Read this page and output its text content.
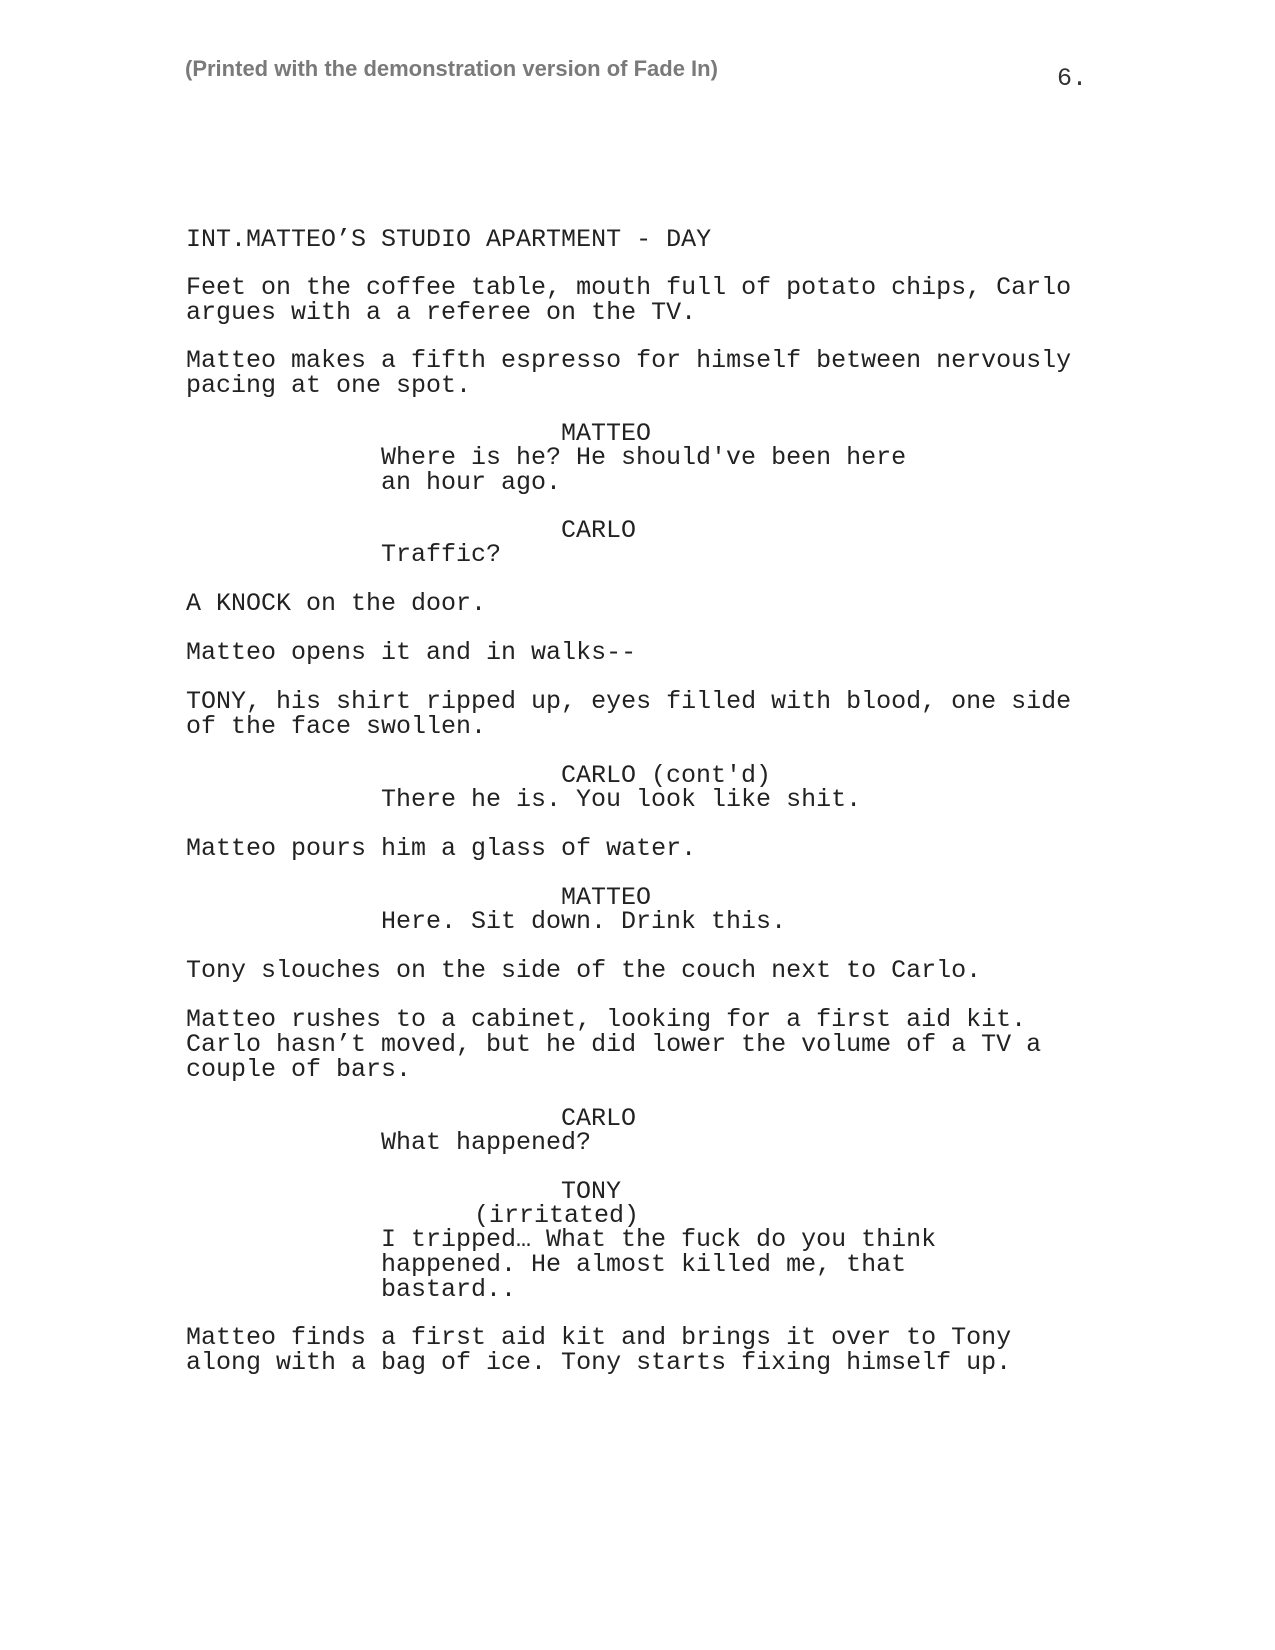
(Printed with the demonstration version of Fade In)	6.

INT.MATTEO’S STUDIO APARTMENT - DAY

Feet on the coffee table, mouth full of potato chips, Carlo
argues with a a referee on the TV.

Matteo makes a fifth espresso for himself between nervously
pacing at one spot.

MATTEO

Where is he? He should've been here
an hour ago.

CARLO

Traffic?

A KNOCK on the door.

Matteo opens it and in walks--

TONY, his shirt ripped up, eyes filled with blood, one side
of the face swollen.

CARLO (cont'd)

There he is. You look like shit.

Matteo pours him a glass of water.

MATTEO

Here. Sit down. Drink this.

Tony slouches on the side of the couch next to Carlo.

Matteo rushes to a cabinet, looking for a first aid kit.
Carlo hasn’t moved, but he did lower the volume of a TV a
couple of bars.

CARLO

What happened?

TONY

(irritated)

I tripped… What the fuck do you think
happened. He almost killed me, that
bastard..

Matteo finds a first aid kit and brings it over to Tony
along with a bag of ice. Tony starts fixing himself up.
